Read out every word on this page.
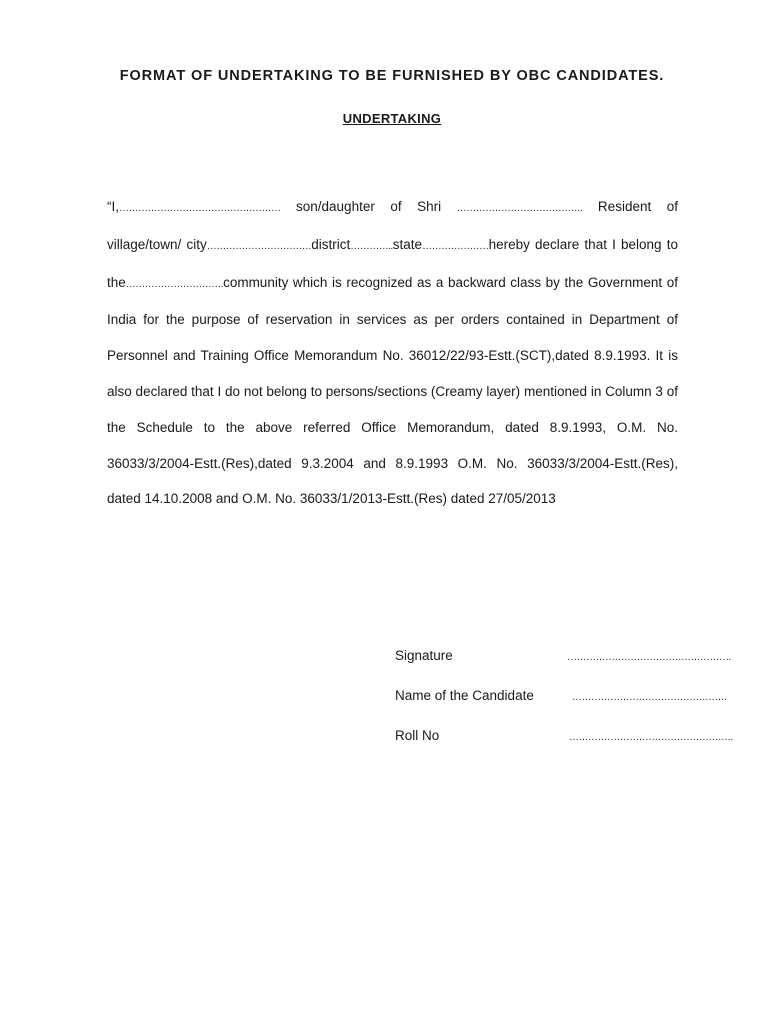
FORMAT OF UNDERTAKING TO BE FURNISHED BY OBC CANDIDATES.
UNDERTAKING

“I,…………………………………………… son/daughter of Shri …………………………………. Resident of village/town/ city……………………………district…………..state…………………hereby declare that I belong to the………………………….community which is recognized as a backward class by the Government of India for the purpose of reservation in services as per orders contained in Department of Personnel and Training Office Memorandum No. 36012/22/93-Estt.(SCT),dated 8.9.1993. It is also declared that I do not belong to persons/sections (Creamy layer) mentioned in Column 3 of the Schedule to the above referred Office Memorandum, dated 8.9.1993, O.M. No. 36033/3/2004-Estt.(Res),dated 9.3.2004 and 8.9.1993 O.M. No. 36033/3/2004-Estt.(Res), dated 14.10.2008 and O.M. No. 36033/1/2013-Estt.(Res) dated 27/05/2013

Signature	…………………………………………….
Name of the Candidate	………………………………………….
Roll No	…………………………………………….
